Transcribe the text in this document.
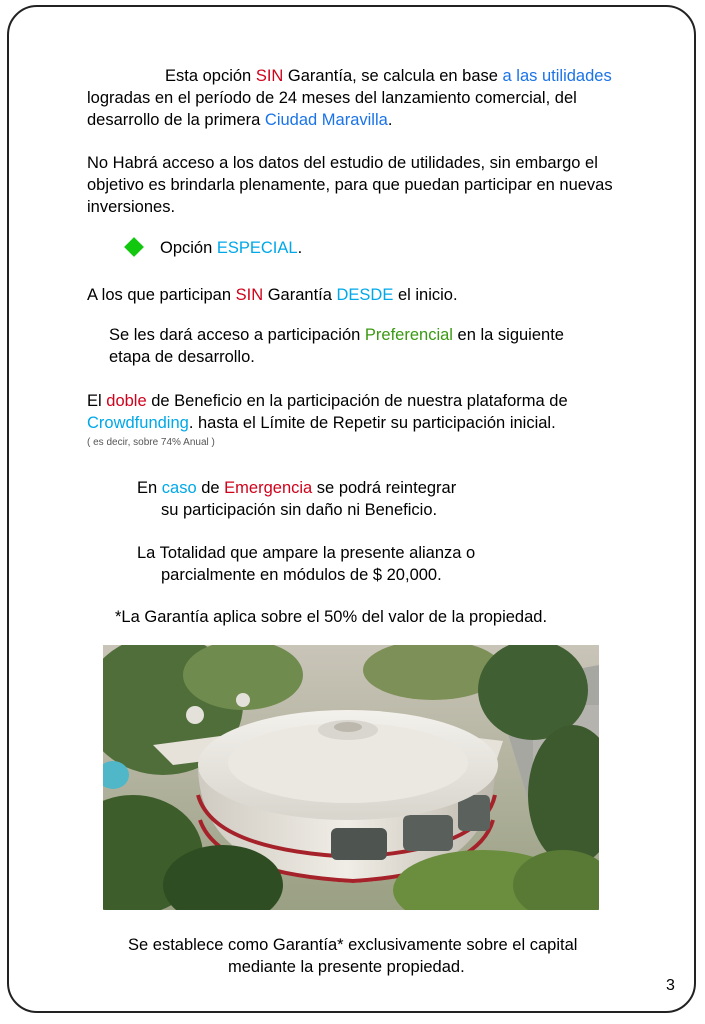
Esta opción SIN Garantía, se calcula en base a las utilidades
logradas en el período de 24 meses del lanzamiento comercial, del
desarrollo de la primera Ciudad Maravilla.
No Habrá acceso a los datos del estudio de utilidades, sin embargo el
objetivo es brindarla plenamente, para que puedan participar en nuevas
inversiones.
Opción ESPECIAL.
A los que participan SIN Garantía DESDE el inicio.
Se les dará acceso a participación Preferencial en la siguiente
etapa de desarrollo.
El doble de Beneficio en la participación de nuestra plataforma de
Crowdfunding. hasta el Límite de Repetir su participación inicial.
( es decir, sobre 74% Anual )
En caso de Emergencia se podrá reintegrar
su participación sin daño ni Beneficio.
La Totalidad que ampare la presente alianza o
parcialmente en módulos de $ 20,000.
*La Garantía aplica sobre el 50% del valor de la propiedad.
Se establece como Garantía* exclusivamente sobre el capital
mediante la presente propiedad.
3
